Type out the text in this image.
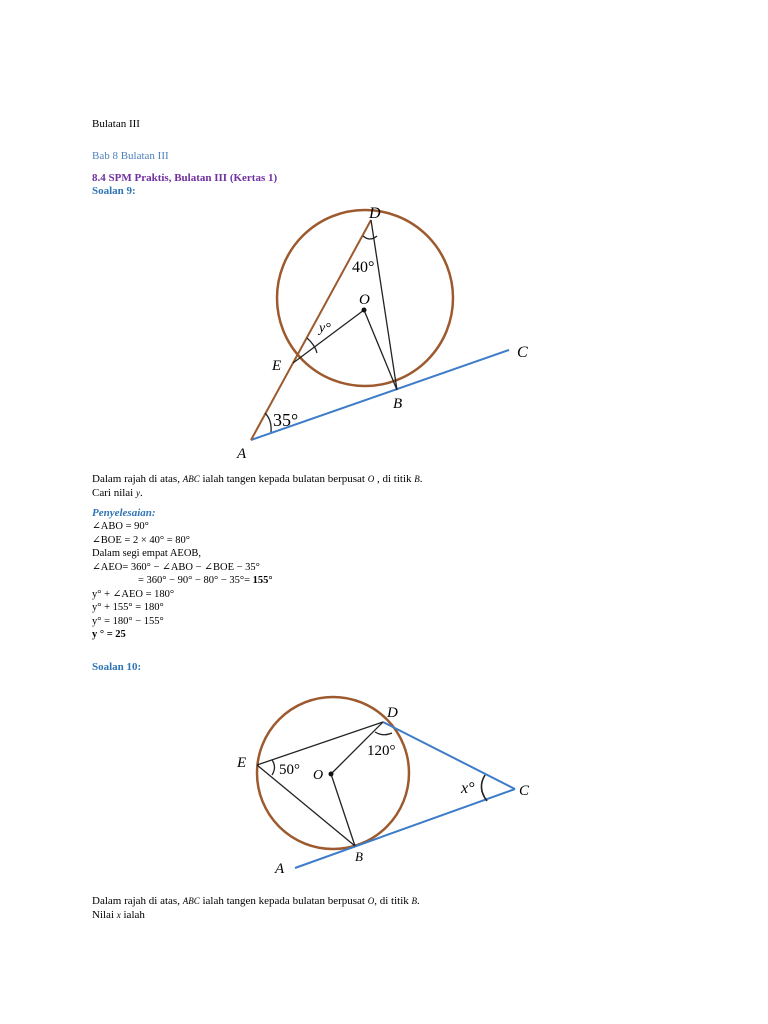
Bulatan III
Bab 8 Bulatan III
8.4 SPM Praktis, Bulatan III (Kertas 1)
Soalan 9:
D
O
E
B
C
A
40°
y°
35°
Dalam rajah di atas, ABC ialah tangen kepada bulatan berpusat O , di titik B.
Cari nilai y.
Penyelesaian:
∠ABO = 90°
∠BOE = 2 × 40° = 80°
Dalam segi empat AEOB,
∠AEO= 360° − ∠ABO − ∠BOE − 35°
= 360° − 90° − 80° − 35°= 155°
y° + ∠AEO = 180°
y° + 155° = 180°
y° = 180° − 155°
y ° = 25
Soalan 10:
D
E
O
C
B
A
120°
50°
x°
Dalam rajah di atas, ABC ialah tangen kepada bulatan berpusat O, di titik B.
Nilai x ialah
